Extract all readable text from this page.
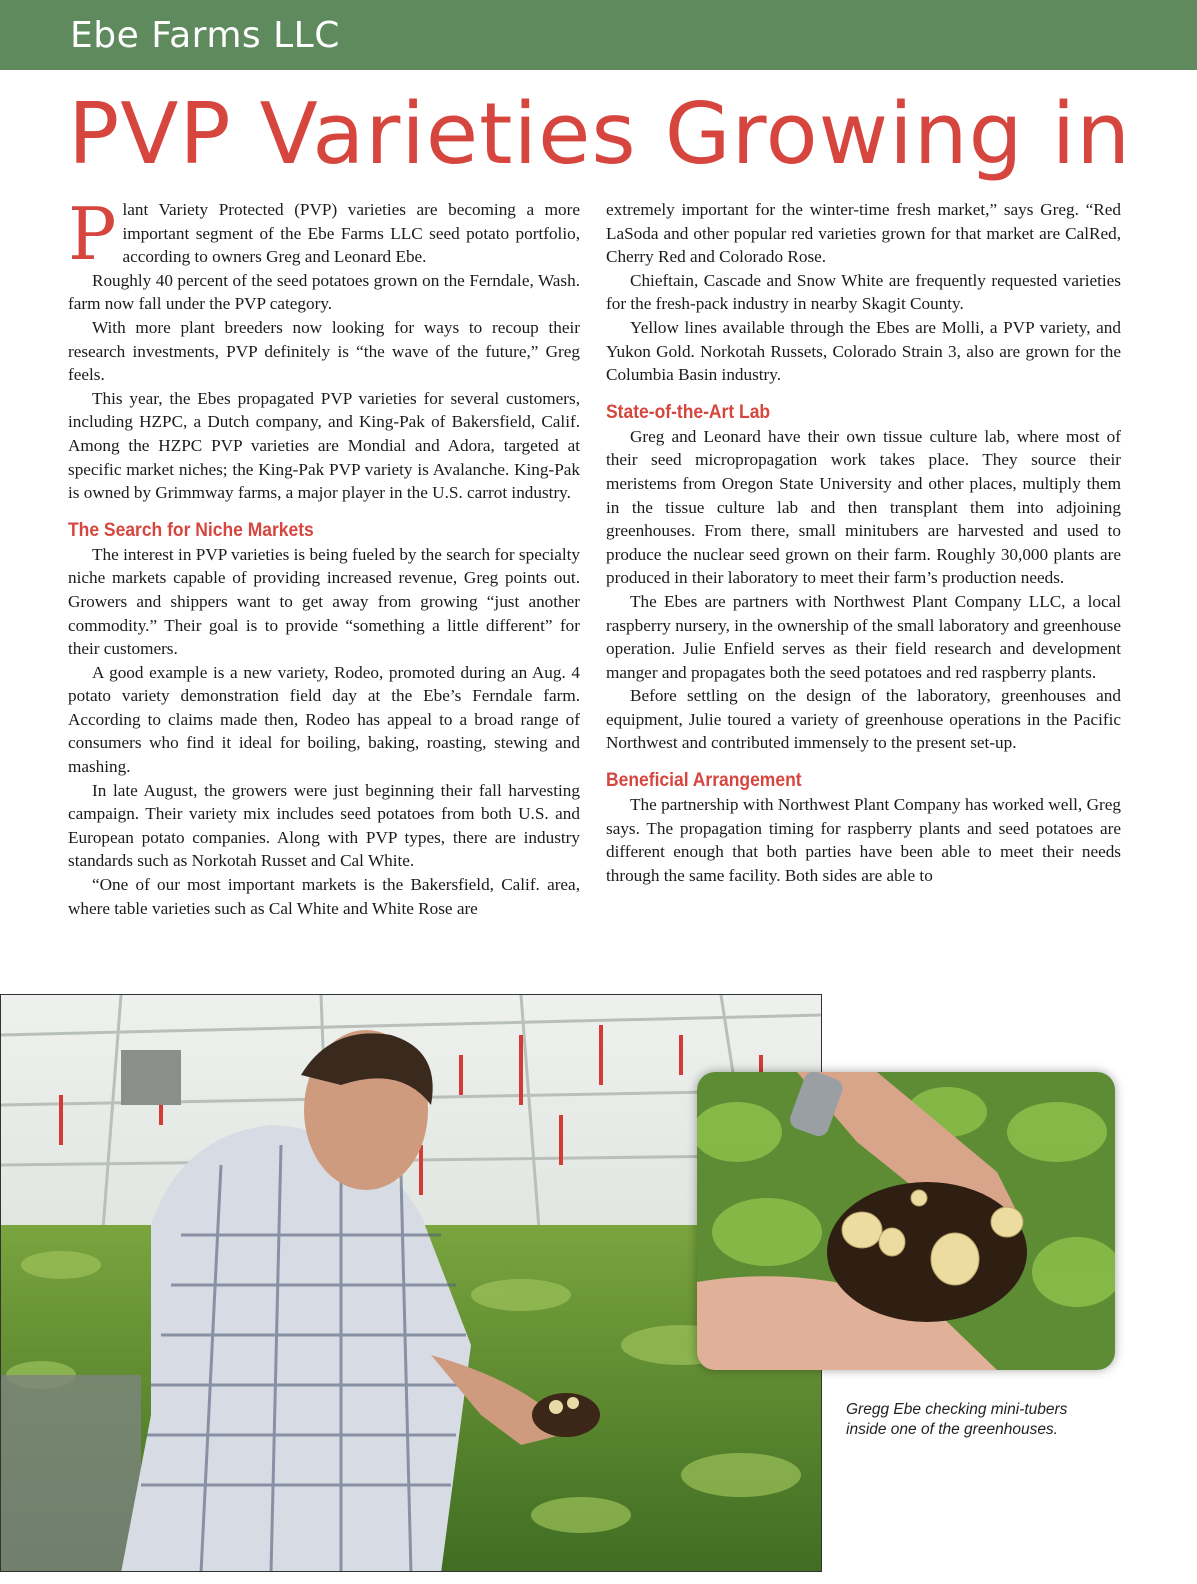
Ebe Farms LLC
PVP Varieties Growing in

Plant Variety Protected (PVP) varieties are becoming a more important segment of the Ebe Farms LLC seed potato portfolio, according to owners Greg and Leonard Ebe.

Roughly 40 percent of the seed potatoes grown on the Ferndale, Wash. farm now fall under the PVP category.

With more plant breeders now looking for ways to recoup their research investments, PVP definitely is “the wave of the future,” Greg feels.

This year, the Ebes propagated PVP varieties for several customers, including HZPC, a Dutch company, and King-Pak of Bakersfield, Calif. Among the HZPC PVP varieties are Mondial and Adora, targeted at specific market niches; the King-Pak PVP variety is Avalanche. King-Pak is owned by Grimmway farms, a major player in the U.S. carrot industry.

The Search for Niche Markets

The interest in PVP varieties is being fueled by the search for specialty niche markets capable of providing increased revenue, Greg points out. Growers and shippers want to get away from growing “just another commodity.” Their goal is to provide “something a little different” for their customers.

A good example is a new variety, Rodeo, promoted during an Aug. 4 potato variety demonstration field day at the Ebe’s Ferndale farm. According to claims made then, Rodeo has appeal to a broad range of consumers who find it ideal for boiling, baking, roasting, stewing and mashing.

In late August, the growers were just beginning their fall harvesting campaign. Their variety mix includes seed potatoes from both U.S. and European potato companies. Along with PVP types, there are industry standards such as Norkotah Russet and Cal White.

“One of our most important markets is the Bakersfield, Calif. area, where table varieties such as Cal White and White Rose are

extremely important for the winter-time fresh market,” says Greg. “Red LaSoda and other popular red varieties grown for that market are CalRed, Cherry Red and Colorado Rose.

Chieftain, Cascade and Snow White are frequently requested varieties for the fresh-pack industry in nearby Skagit County.

Yellow lines available through the Ebes are Molli, a PVP variety, and Yukon Gold. Norkotah Russets, Colorado Strain 3, also are grown for the Columbia Basin industry.

State-of-the-Art Lab

Greg and Leonard have their own tissue culture lab, where most of their seed micropropagation work takes place. They source their meristems from Oregon State University and other places, multiply them in the tissue culture lab and then transplant them into adjoining greenhouses. From there, small minitubers are harvested and used to produce the nuclear seed grown on their farm. Roughly 30,000 plants are produced in their laboratory to meet their farm’s production needs.

The Ebes are partners with Northwest Plant Company LLC, a local raspberry nursery, in the ownership of the small laboratory and greenhouse operation. Julie Enfield serves as their field research and development manger and propagates both the seed potatoes and red raspberry plants.

Before settling on the design of the laboratory, greenhouses and equipment, Julie toured a variety of greenhouse operations in the Pacific Northwest and contributed immensely to the present set-up.

Beneficial Arrangement

The partnership with Northwest Plant Company has worked well, Greg says. The propagation timing for raspberry plants and seed potatoes are different enough that both parties have been able to meet their needs through the same facility. Both sides are able to

Gregg Ebe checking mini-tubers inside one of the greenhouses.
